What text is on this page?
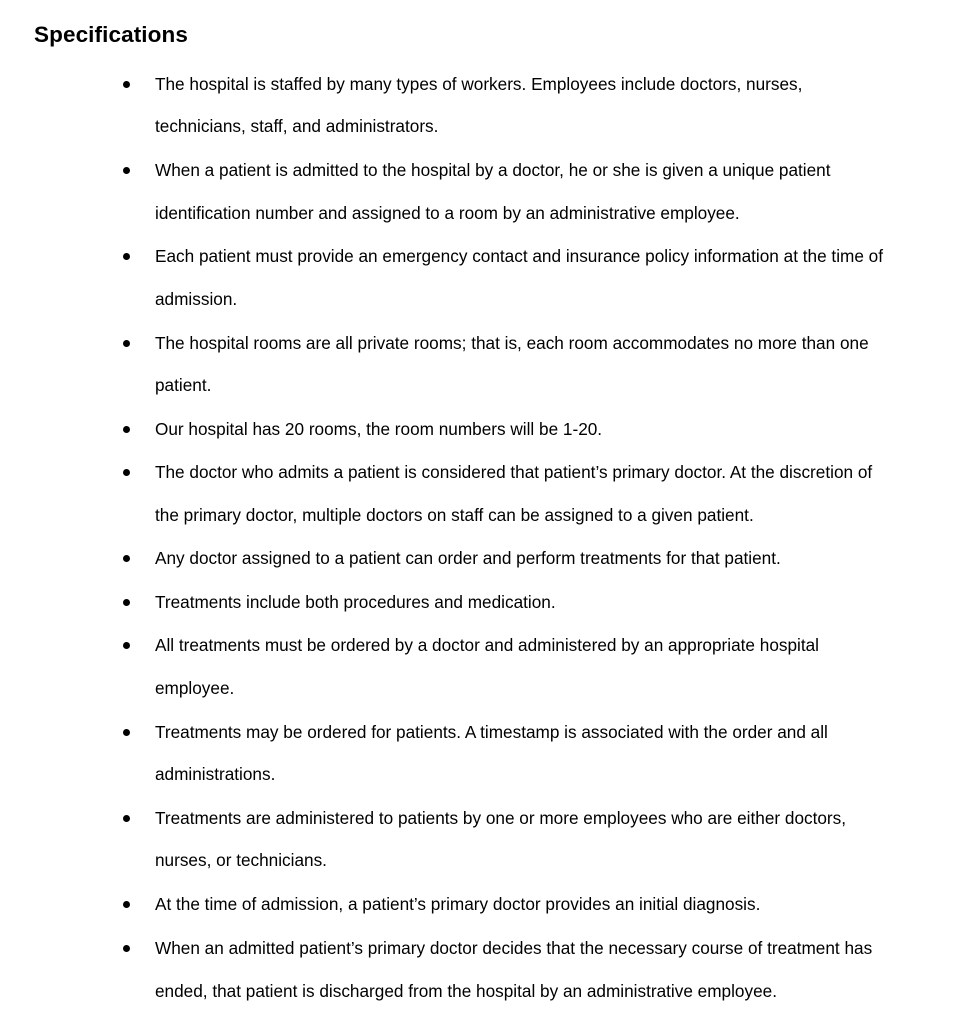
Specifications
The hospital is staffed by many types of workers. Employees include doctors, nurses,
technicians, staff, and administrators.
When a patient is admitted to the hospital by a doctor, he or she is given a unique patient
identification number and assigned to a room by an administrative employee.
Each patient must provide an emergency contact and insurance policy information at the time of
admission.
The hospital rooms are all private rooms; that is, each room accommodates no more than one
patient.
Our hospital has 20 rooms, the room numbers will be 1-20.
The doctor who admits a patient is considered that patient’s primary doctor. At the discretion of
the primary doctor, multiple doctors on staff can be assigned to a given patient.
Any doctor assigned to a patient can order and perform treatments for that patient.
Treatments include both procedures and medication.
All treatments must be ordered by a doctor and administered by an appropriate hospital
employee.
Treatments may be ordered for patients. A timestamp is associated with the order and all
administrations.
Treatments are administered to patients by one or more employees who are either doctors,
nurses, or technicians.
At the time of admission, a patient’s primary doctor provides an initial diagnosis.
When an admitted patient’s primary doctor decides that the necessary course of treatment has
ended, that patient is discharged from the hospital by an administrative employee.
